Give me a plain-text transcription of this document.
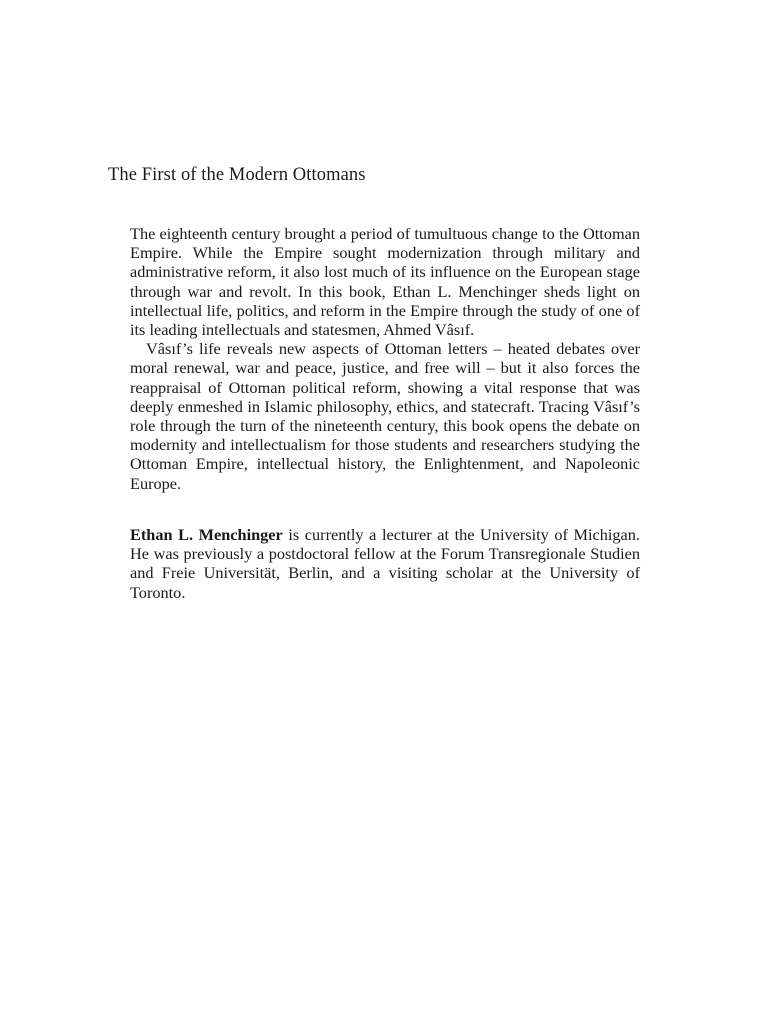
The First of the Modern Ottomans

The eighteenth century brought a period of tumultuous change to the Ottoman Empire. While the Empire sought modernization through military and administrative reform, it also lost much of its influence on the European stage through war and revolt. In this book, Ethan L. Menchinger sheds light on intellectual life, politics, and reform in the Empire through the study of one of its leading intellectuals and statesmen, Ahmed Vâsıf.

Vâsıf’s life reveals new aspects of Ottoman letters – heated debates over moral renewal, war and peace, justice, and free will – but it also forces the reappraisal of Ottoman political reform, showing a vital response that was deeply enmeshed in Islamic philosophy, ethics, and statecraft. Tracing Vâsıf’s role through the turn of the nineteenth century, this book opens the debate on modernity and intellectualism for those students and researchers studying the Ottoman Empire, intellectual history, the Enlightenment, and Napoleonic Europe.

Ethan L. Menchinger is currently a lecturer at the University of Michigan. He was previously a postdoctoral fellow at the Forum Transregionale Studien and Freie Universität, Berlin, and a visiting scholar at the University of Toronto.
